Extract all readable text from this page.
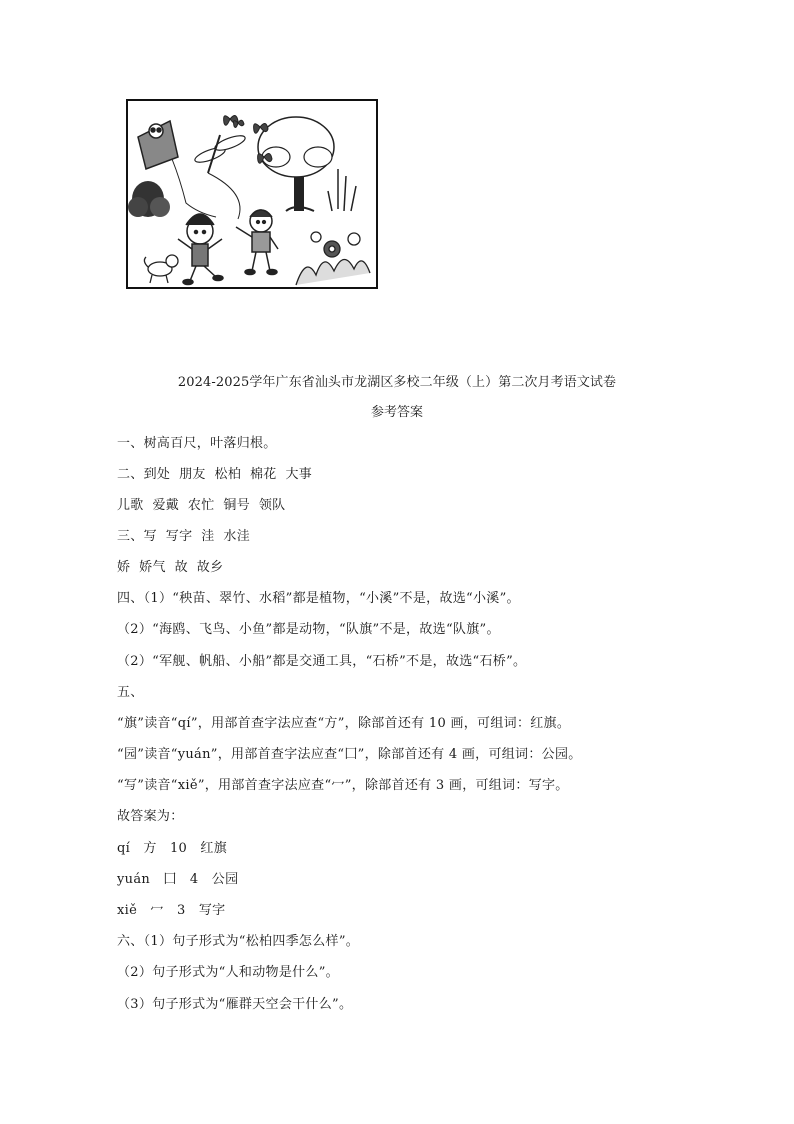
2024-2025学年广东省汕头市龙湖区多校二年级（上）第二次月考语文试卷
参考答案
一、树高百尺，叶落归根。
二、到处  朋友  松柏  棉花  大事
儿歌  爱戴  农忙  铜号  领队
三、写  写字  洼  水洼
娇  娇气  故  故乡
四、（1）“秧苗、翠竹、水稻”都是植物，“小溪”不是，故选“小溪”。
（2）“海鸥、飞鸟、小鱼”都是动物，“队旗”不是，故选“队旗”。
（2）“军舰、帆船、小船”都是交通工具，“石桥”不是，故选“石桥”。
五、
“旗”读音“qí”，用部首查字法应查“方”，除部首还有 10 画，可组词：红旗。
“园”读音“yuán”，用部首查字法应查“囗”，除部首还有 4 画，可组词：公园。
“写”读音“xiě”，用部首查字法应查“冖”，除部首还有 3 画，可组词：写字。
故答案为：
qí   方   10   红旗
yuán   囗   4   公园
xiě   冖   3   写字
六、（1）句子形式为“松柏四季怎么样”。
（2）句子形式为“人和动物是什么”。
（3）句子形式为“雁群天空会干什么”。
